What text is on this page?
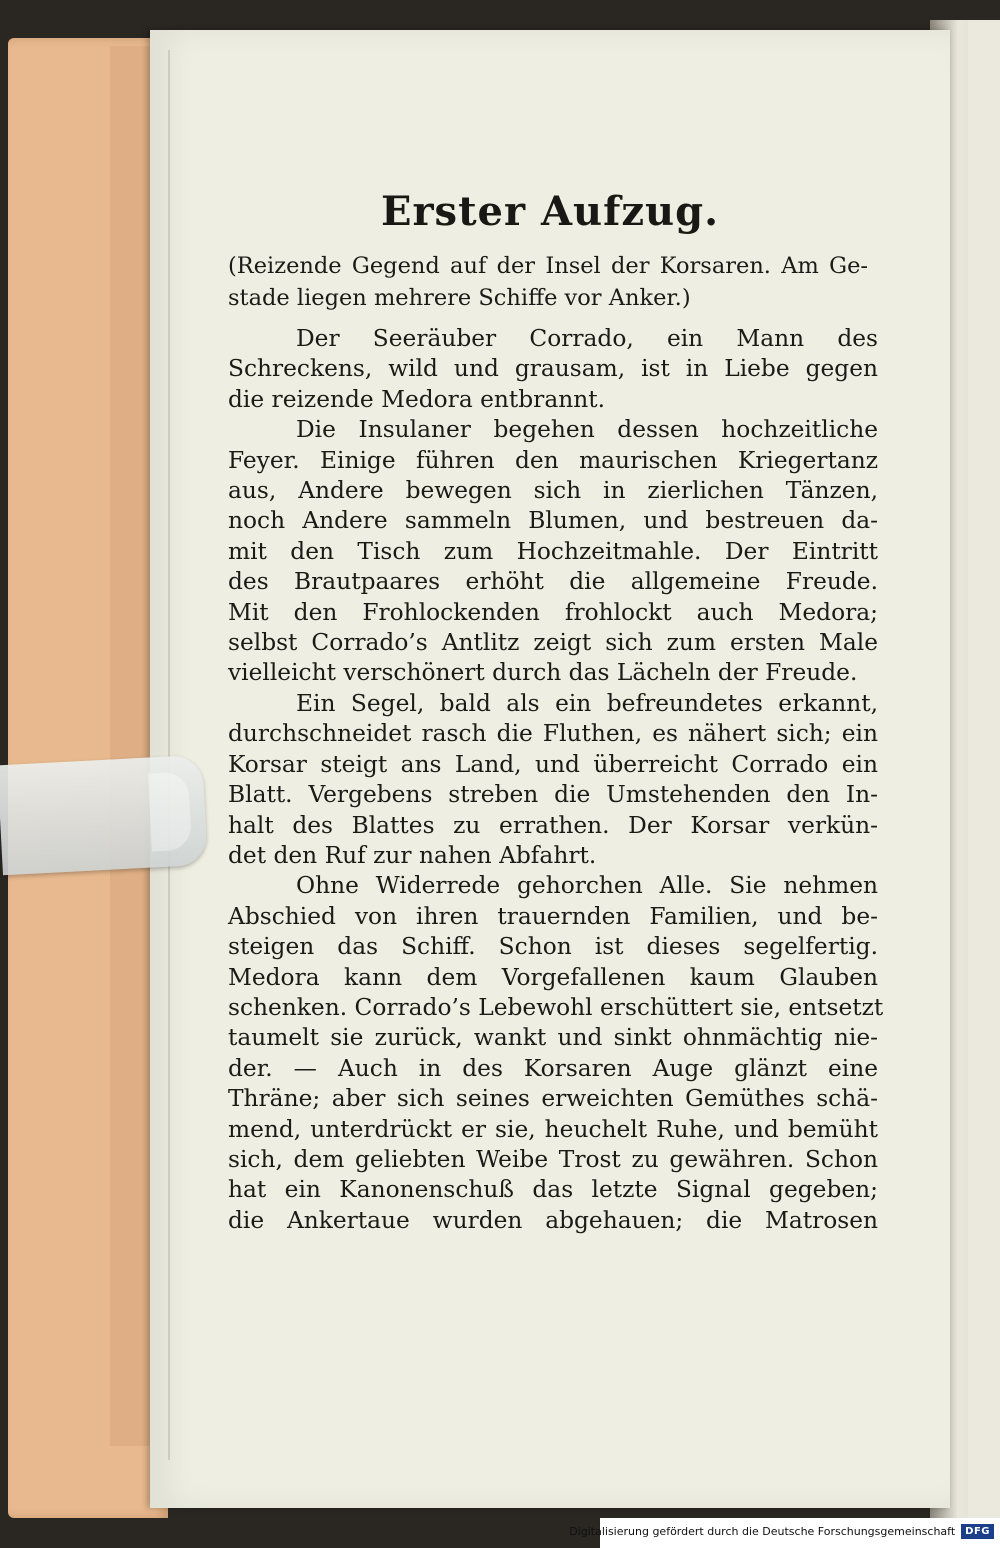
Erster Aufzug.
(Reizende Gegend auf der Insel der Korsaren. Am Ge-
stade liegen mehrere Schiffe vor Anker.)
Der Seeräuber Corrado, ein Mann des
Schreckens, wild und grausam, ist in Liebe gegen
die reizende Medora entbrannt.
Die Insulaner begehen dessen hochzeitliche
Feyer. Einige führen den maurischen Kriegertanz
aus, Andere bewegen sich in zierlichen Tänzen,
noch Andere sammeln Blumen, und bestreuen da-
mit den Tisch zum Hochzeitmahle. Der Eintritt
des Brautpaares erhöht die allgemeine Freude.
Mit den Frohlockenden frohlockt auch Medora;
selbst Corrado’s Antlitz zeigt sich zum ersten Male
vielleicht verschönert durch das Lächeln der Freude.
Ein Segel, bald als ein befreundetes erkannt,
durchschneidet rasch die Fluthen, es nähert sich; ein
Korsar steigt ans Land, und überreicht Corrado ein
Blatt. Vergebens streben die Umstehenden den In-
halt des Blattes zu errathen. Der Korsar verkün-
det den Ruf zur nahen Abfahrt.
Ohne Widerrede gehorchen Alle. Sie nehmen
Abschied von ihren trauernden Familien, und be-
steigen das Schiff. Schon ist dieses segelfertig.
Medora kann dem Vorgefallenen kaum Glauben
schenken. Corrado’s Lebewohl erschüttert sie, entsetzt
taumelt sie zurück, wankt und sinkt ohnmächtig nie-
der. — Auch in des Korsaren Auge glänzt eine
Thräne; aber sich seines erweichten Gemüthes schä-
mend, unterdrückt er sie, heuchelt Ruhe, und bemüht
sich, dem geliebten Weibe Trost zu gewähren. Schon
hat ein Kanonenschuß das letzte Signal gegeben;
die Ankertaue wurden abgehauen; die Matrosen
Digitalisierung gefördert durch die Deutsche Forschungsgemeinschaft	DFG
